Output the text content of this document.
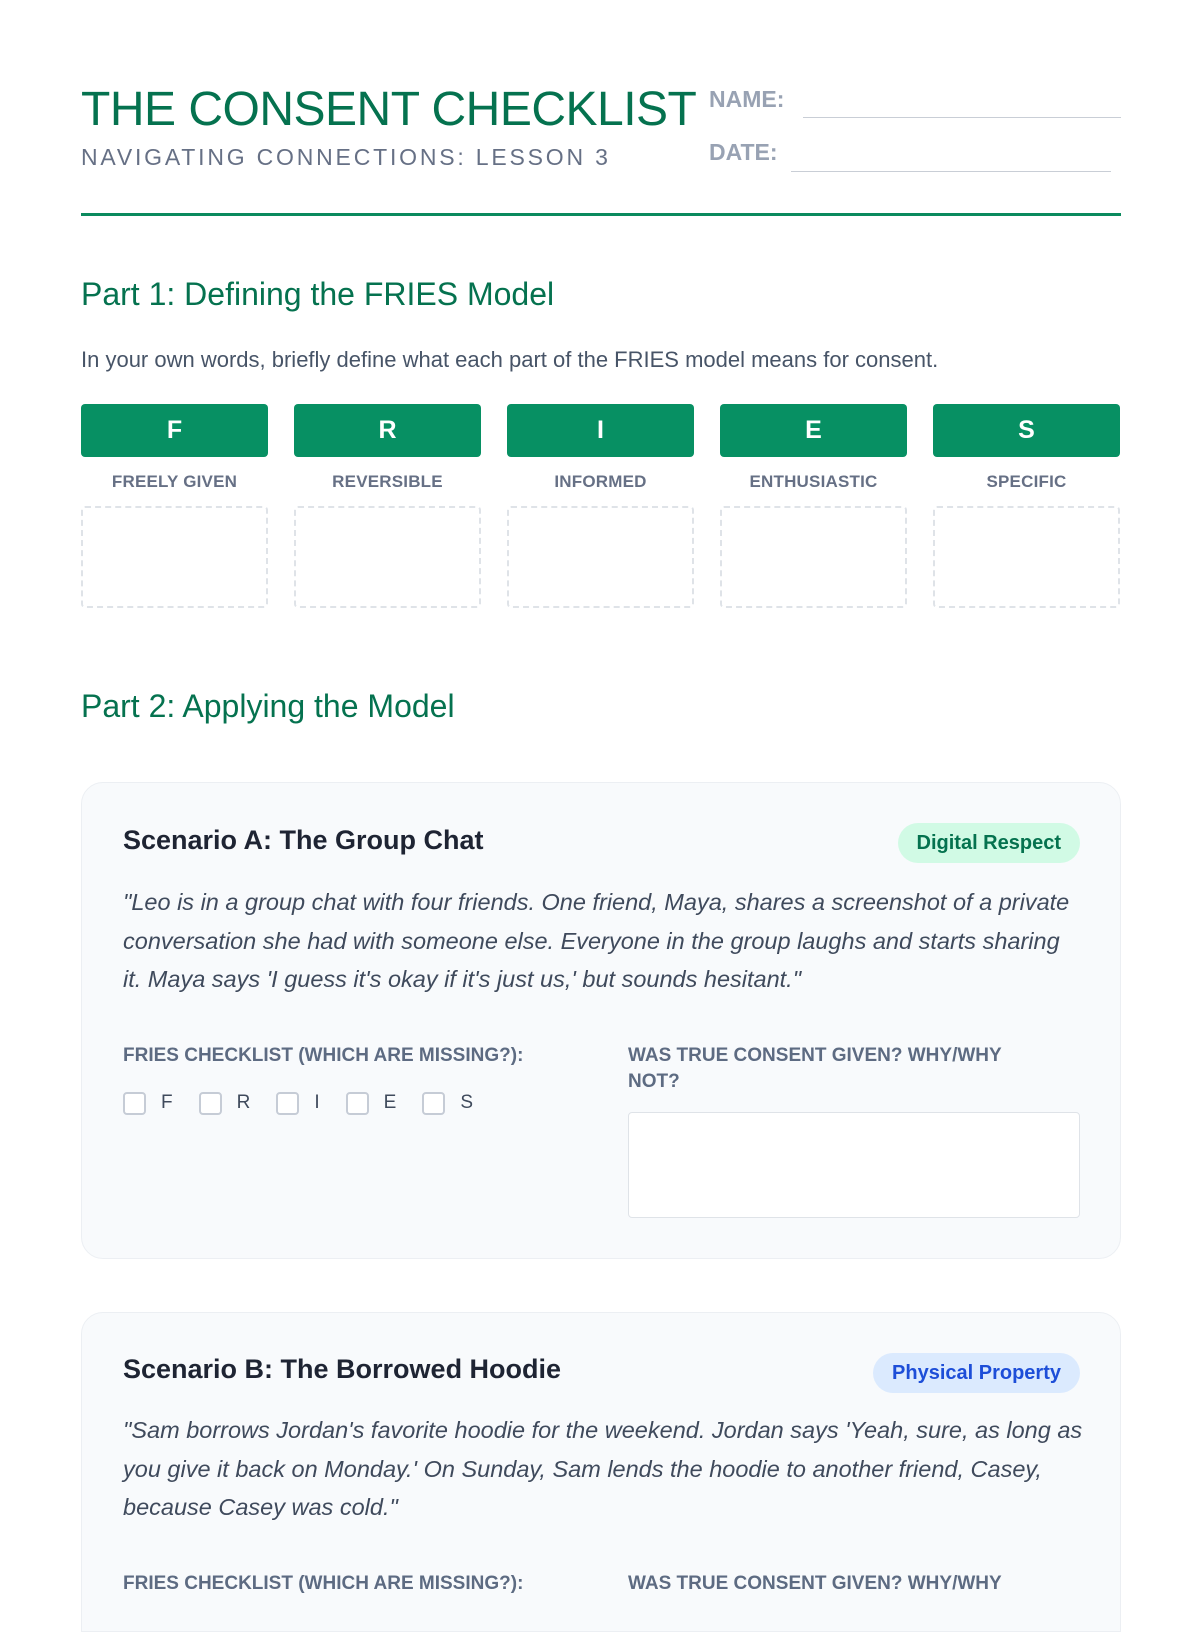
THE CONSENT CHECKLIST
NAVIGATING CONNECTIONS: LESSON 3
NAME:
DATE:
Part 1: Defining the FRIES Model
In your own words, briefly define what each part of the FRIES model means for consent.
F
FREELY GIVEN
R
REVERSIBLE
I
INFORMED
E
ENTHUSIASTIC
S
SPECIFIC
Part 2: Applying the Model
Scenario A: The Group Chat	Digital Respect
"Leo is in a group chat with four friends. One friend, Maya, shares a screenshot of a private conversation she had with someone else. Everyone in the group laughs and starts sharing it. Maya says 'I guess it's okay if it's just us,' but sounds hesitant."
FRIES CHECKLIST (WHICH ARE MISSING?):	WAS TRUE CONSENT GIVEN? WHY/WHY NOT?
F	R	I	E	S
Scenario B: The Borrowed Hoodie	Physical Property
"Sam borrows Jordan's favorite hoodie for the weekend. Jordan says 'Yeah, sure, as long as you give it back on Monday.' On Sunday, Sam lends the hoodie to another friend, Casey, because Casey was cold."
FRIES CHECKLIST (WHICH ARE MISSING?):	WAS TRUE CONSENT GIVEN? WHY/WHY
